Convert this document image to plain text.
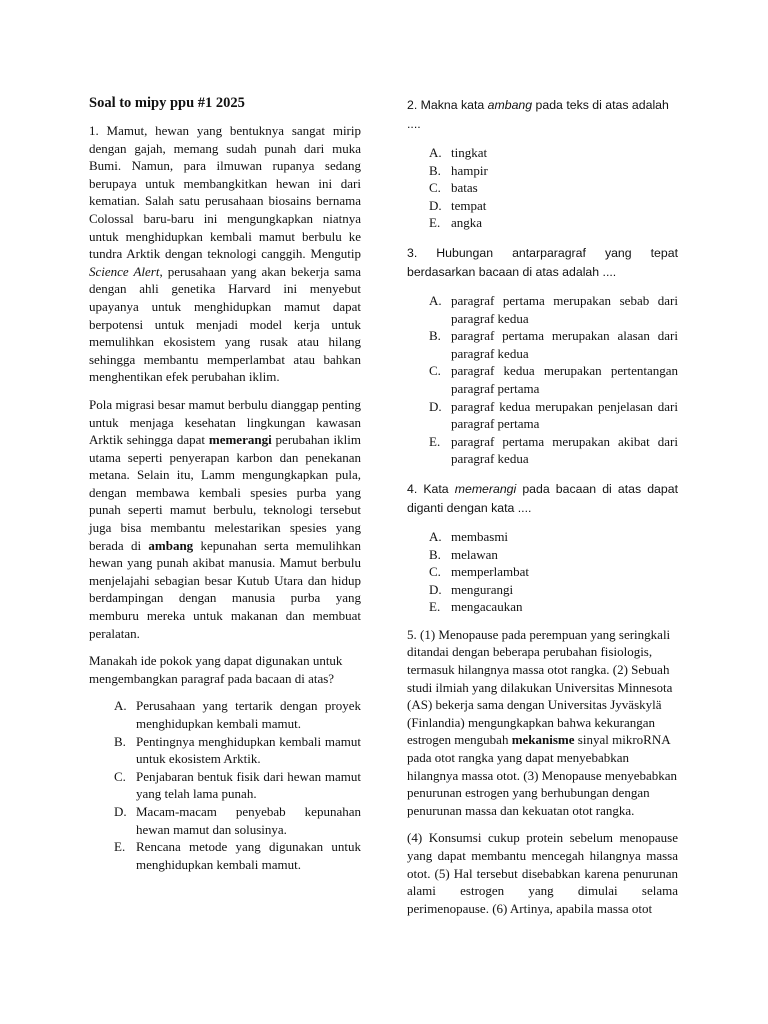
Soal to mipy ppu #1 2025

1. Mamut, hewan yang bentuknya sangat mirip dengan gajah, memang sudah punah dari muka Bumi. Namun, para ilmuwan rupanya sedang berupaya untuk membangkitkan hewan ini dari kematian. Salah satu perusahaan biosains bernama Colossal baru-baru ini mengungkapkan niatnya untuk menghidupkan kembali mamut berbulu ke tundra Arktik dengan teknologi canggih. Mengutip Science Alert, perusahaan yang akan bekerja sama dengan ahli genetika Harvard ini menyebut upayanya untuk menghidupkan mamut dapat berpotensi untuk menjadi model kerja untuk memulihkan ekosistem yang rusak atau hilang sehingga membantu memperlambat atau bahkan menghentikan efek perubahan iklim.

Pola migrasi besar mamut berbulu dianggap penting untuk menjaga kesehatan lingkungan kawasan Arktik sehingga dapat memerangi perubahan iklim utama seperti penyerapan karbon dan penekanan metana. Selain itu, Lamm mengungkapkan pula, dengan membawa kembali spesies purba yang punah seperti mamut berbulu, teknologi tersebut juga bisa membantu melestarikan spesies yang berada di ambang kepunahan serta memulihkan hewan yang punah akibat manusia. Mamut berbulu menjelajahi sebagian besar Kutub Utara dan hidup berdampingan dengan manusia purba yang memburu mereka untuk makanan dan membuat peralatan.

Manakah ide pokok yang dapat digunakan untuk mengembangkan paragraf pada bacaan di atas?

A. Perusahaan yang tertarik dengan proyek menghidupkan kembali mamut.
B. Pentingnya menghidupkan kembali mamut untuk ekosistem Arktik.
C. Penjabaran bentuk fisik dari hewan mamut yang telah lama punah.
D. Macam-macam penyebab kepunahan hewan mamut dan solusinya.
E. Rencana metode yang digunakan untuk menghidupkan kembali mamut.

2. Makna kata ambang pada teks di atas adalah ....

A. tingkat
B. hampir
C. batas
D. tempat
E. angka

3. Hubungan antarparagraf yang tepat berdasarkan bacaan di atas adalah ....

A. paragraf pertama merupakan sebab dari paragraf kedua
B. paragraf pertama merupakan alasan dari paragraf kedua
C. paragraf kedua merupakan pertentangan paragraf pertama
D. paragraf kedua merupakan penjelasan dari paragraf pertama
E. paragraf pertama merupakan akibat dari paragraf kedua

4. Kata memerangi pada bacaan di atas dapat diganti dengan kata ....

A. membasmi
B. melawan
C. memperlambat
D. mengurangi
E. mengacaukan

5. (1) Menopause pada perempuan yang seringkali ditandai dengan beberapa perubahan fisiologis, termasuk hilangnya massa otot rangka. (2) Sebuah studi ilmiah yang dilakukan Universitas Minnesota (AS) bekerja sama dengan Universitas Jyväskylä (Finlandia) mengungkapkan bahwa kekurangan estrogen mengubah mekanisme sinyal mikroRNA pada otot rangka yang dapat menyebabkan hilangnya massa otot. (3) Menopause menyebabkan penurunan estrogen yang berhubungan dengan penurunan massa dan kekuatan otot rangka.

(4) Konsumsi cukup protein sebelum menopause yang dapat membantu mencegah hilangnya massa otot. (5) Hal tersebut disebabkan karena penurunan alami estrogen yang dimulai selama perimenopause. (6) Artinya, apabila massa otot
